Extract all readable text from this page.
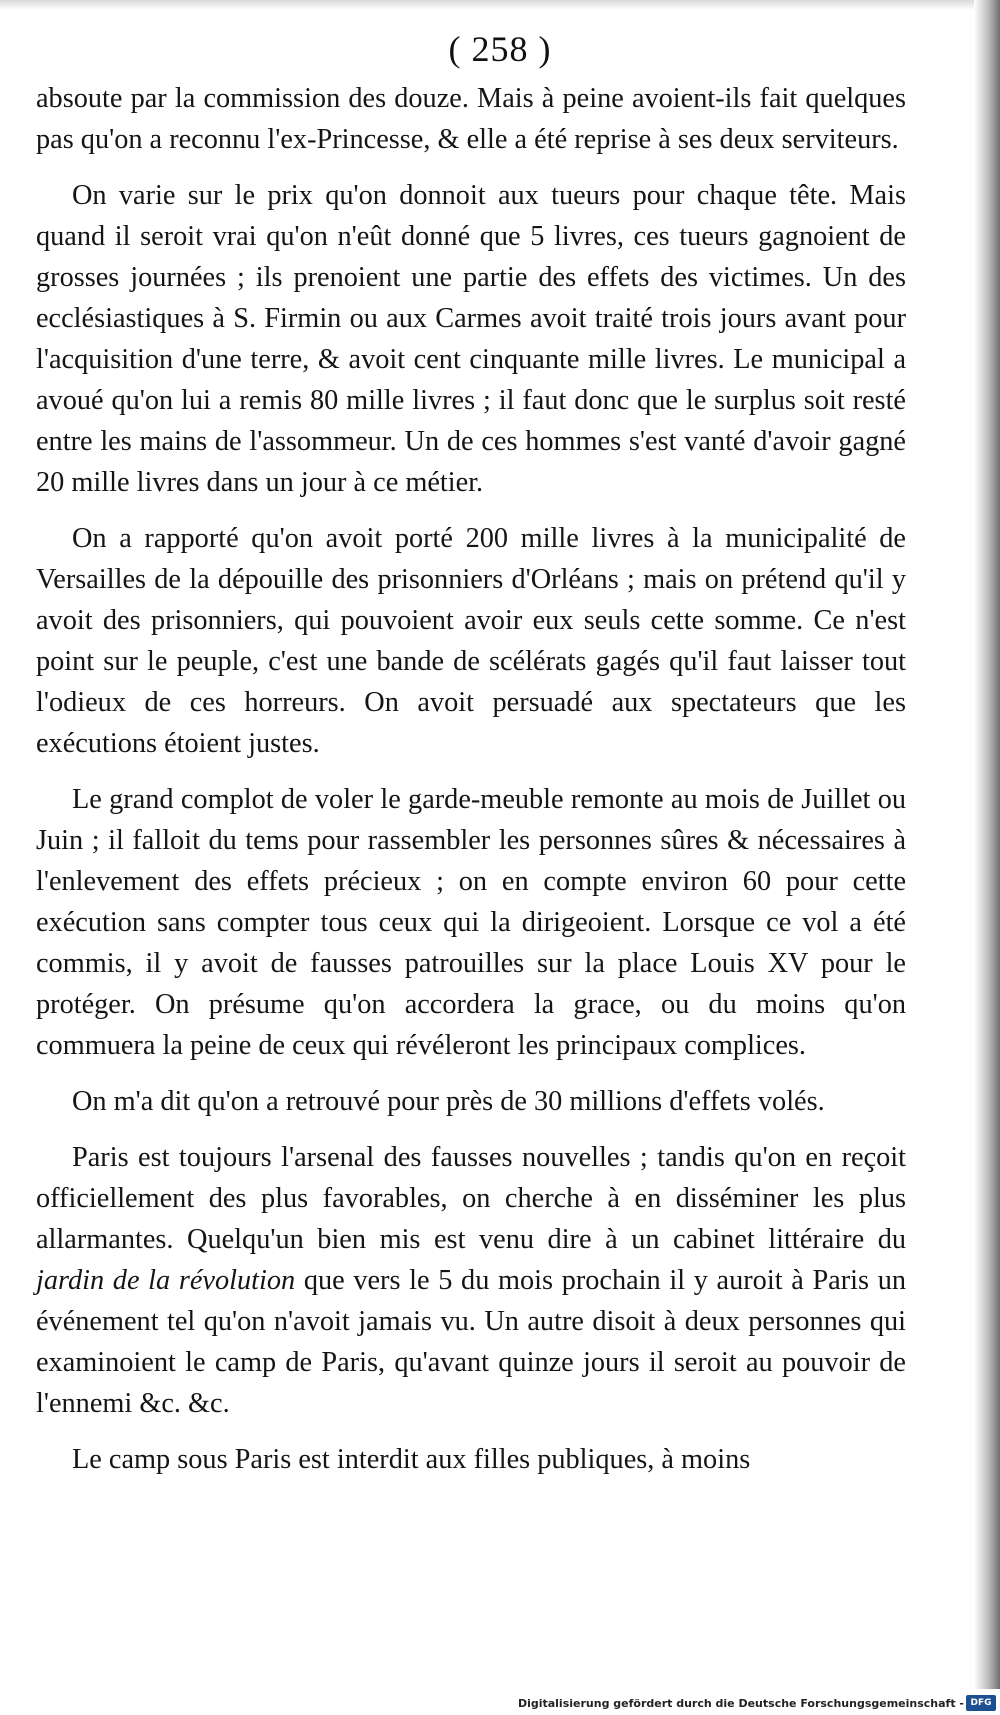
( 258 )

absoute par la commission des douze. Mais à peine avoient-ils fait quelques pas qu'on a reconnu l'ex-Princesse, & elle a été reprise à ses deux serviteurs.

On varie sur le prix qu'on donnoit aux tueurs pour chaque tête. Mais quand il seroit vrai qu'on n'eût donné que 5 livres, ces tueurs gagnoient de grosses journées ; ils prenoient une partie des effets des victimes. Un des ecclésiastiques à S. Firmin ou aux Carmes avoit traité trois jours avant pour l'acquisition d'une terre, & avoit cent cinquante mille livres. Le municipal a avoué qu'on lui a remis 80 mille livres ; il faut donc que le surplus soit resté entre les mains de l'assommeur. Un de ces hommes s'est vanté d'avoir gagné 20 mille livres dans un jour à ce métier.

On a rapporté qu'on avoit porté 200 mille livres à la municipalité de Versailles de la dépouille des prisonniers d'Orléans ; mais on prétend qu'il y avoit des prisonniers, qui pouvoient avoir eux seuls cette somme. Ce n'est point sur le peuple, c'est une bande de scélérats gagés qu'il faut laisser tout l'odieux de ces horreurs. On avoit persuadé aux spectateurs que les exécutions étoient justes.

Le grand complot de voler le garde-meuble remonte au mois de Juillet ou Juin ; il falloit du tems pour rassembler les personnes sûres & nécessaires à l'enlevement des effets précieux ; on en compte environ 60 pour cette exécution sans compter tous ceux qui la dirigeoient. Lorsque ce vol a été commis, il y avoit de fausses patrouilles sur la place Louis XV pour le protéger. On présume qu'on accordera la grace, ou du moins qu'on commuera la peine de ceux qui révéleront les principaux complices.

On m'a dit qu'on a retrouvé pour près de 30 millions d'effets volés.

Paris est toujours l'arsenal des fausses nouvelles ; tandis qu'on en reçoit officiellement des plus favorables, on cherche à en disséminer les plus allarmantes. Quelqu'un bien mis est venu dire à un cabinet littéraire du jardin de la révolution que vers le 5 du mois prochain il y auroit à Paris un événement tel qu'on n'avoit jamais vu. Un autre disoit à deux personnes qui examinoient le camp de Paris, qu'avant quinze jours il seroit au pouvoir de l'ennemi &c. &c.

Le camp sous Paris est interdit aux filles publiques, à moins

Digitalisierung gefördert durch die Deutsche Forschungsgemeinschaft - DFG
